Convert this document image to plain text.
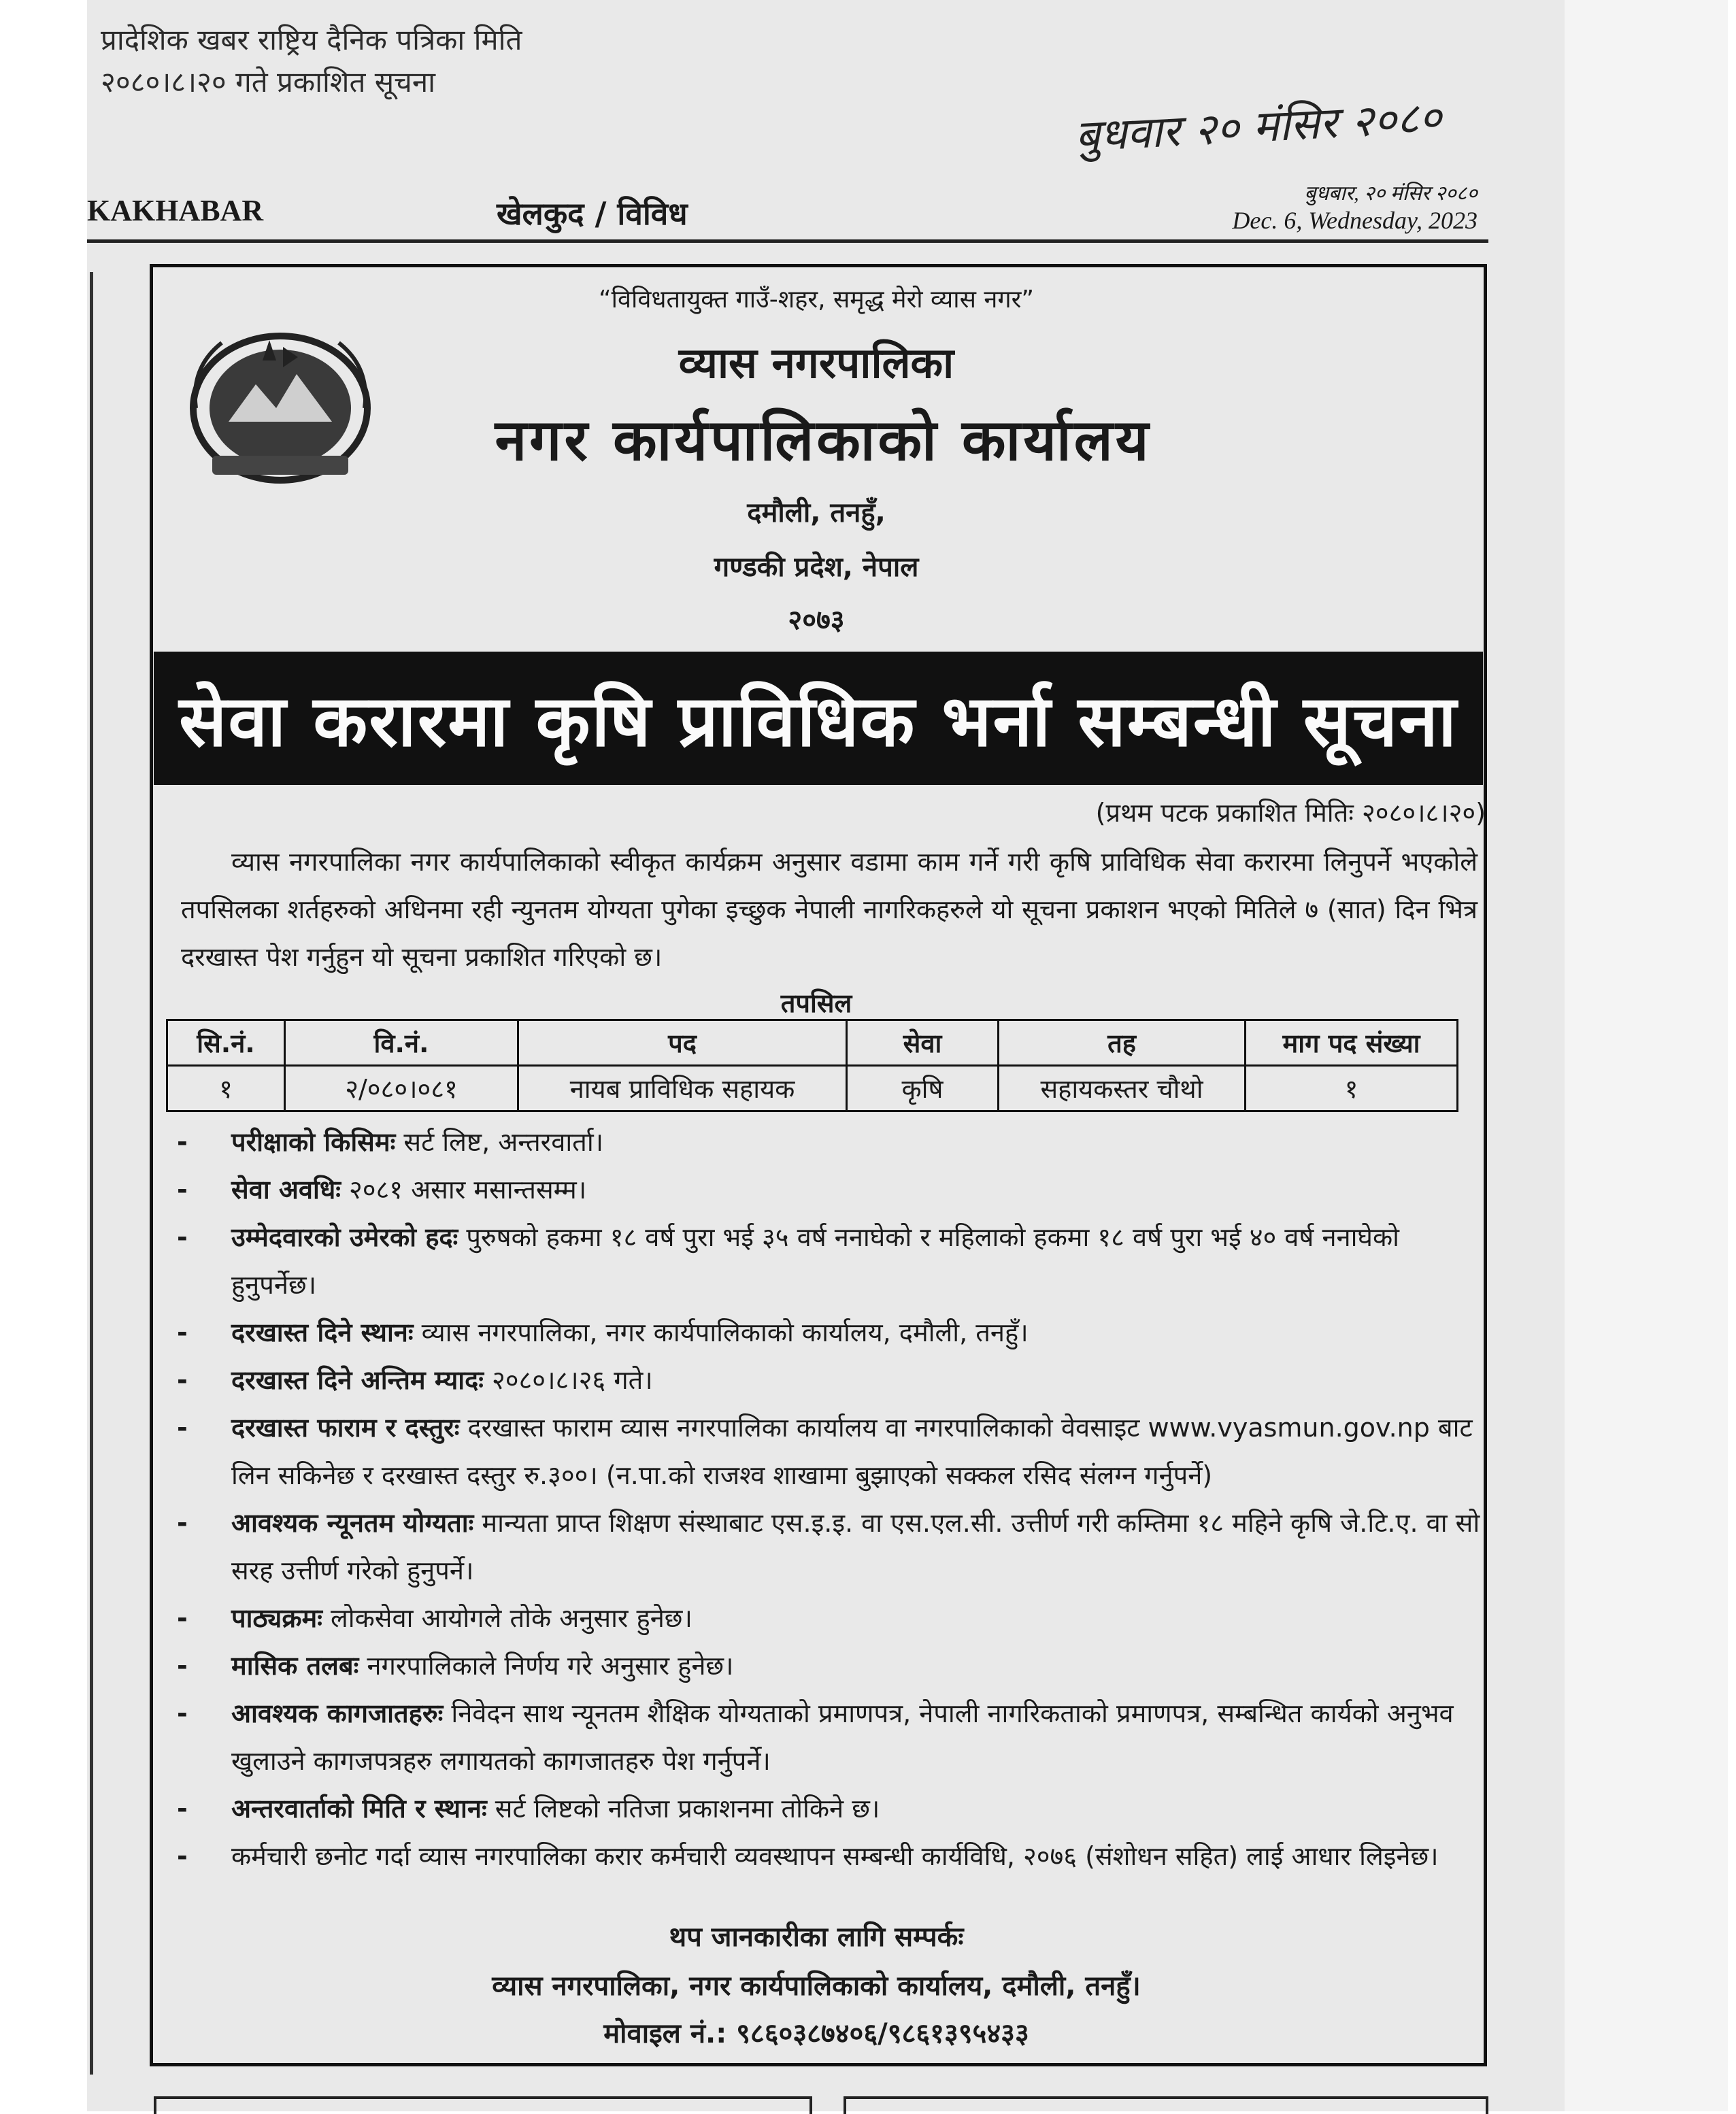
प्रादेशिक खबर राष्ट्रिय दैनिक पत्रिका मिति
२०८०।८।२० गते प्रकाशित सूचना
बुधवार २० मंसिर २०८०
KAKHABAR	खेलकुद / विविध
बुधबार, २० मंसिर २०८०
Dec. 6, Wednesday, 2023
“विविधतायुक्त गाउँ-शहर, समृद्ध मेरो व्यास नगर”
व्यास नगरपालिका
नगर कार्यपालिकाको कार्यालय
दमौली, तनहुँ,
गण्डकी प्रदेश, नेपाल
२०७३
सेवा करारमा कृषि प्राविधिक भर्ना सम्बन्धी सूचना
(प्रथम पटक प्रकाशित मितिः २०८०।८।२०)
व्यास नगरपालिका नगर कार्यपालिकाको स्वीकृत कार्यक्रम अनुसार वडामा काम गर्ने गरी कृषि प्राविधिक सेवा करारमा लिनुपर्ने भएकोले तपसिलका शर्तहरुको अधिनमा रही न्युनतम योग्यता पुगेका इच्छुक नेपाली नागरिकहरुले यो सूचना प्रकाशन भएको मितिले ७ (सात) दिन भित्र दरखास्त पेश गर्नुहुन यो सूचना प्रकाशित गरिएको छ।
तपसिल
सि.नं.	वि.नं.	पद	सेवा	तह	माग पद संख्या
१	२/०८०।०८१	नायब प्राविधिक सहायक	कृषि	सहायकस्तर चौथो	१
- परीक्षाको किसिमः सर्ट लिष्ट, अन्तरवार्ता।
- सेवा अवधिः २०८१ असार मसान्तसम्म।
- उम्मेदवारको उमेरको हदः पुरुषको हकमा १८ वर्ष पुरा भई ३५ वर्ष ननाघेको र महिलाको हकमा १८ वर्ष पुरा भई ४० वर्ष ननाघेको हुनुपर्नेछ।
- दरखास्त दिने स्थानः व्यास नगरपालिका, नगर कार्यपालिकाको कार्यालय, दमौली, तनहुँ।
- दरखास्त दिने अन्तिम म्यादः २०८०।८।२६ गते।
- दरखास्त फाराम र दस्तुरः दरखास्त फाराम व्यास नगरपालिका कार्यालय वा नगरपालिकाको वेवसाइट www.vyasmun.gov.np बाट लिन सकिनेछ र दरखास्त दस्तुर रु.३००। (न.पा.को राजश्व शाखामा बुझाएको सक्कल रसिद संलग्न गर्नुपर्ने)
- आवश्यक न्यूनतम योग्यताः मान्यता प्राप्त शिक्षण संस्थाबाट एस.इ.इ. वा एस.एल.सी. उत्तीर्ण गरी कम्तिमा १८ महिने कृषि जे.टि.ए. वा सो सरह उत्तीर्ण गरेको हुनुपर्ने।
- पाठ्यक्रमः लोकसेवा आयोगले तोके अनुसार हुनेछ।
- मासिक तलबः नगरपालिकाले निर्णय गरे अनुसार हुनेछ।
- आवश्यक कागजातहरुः निवेदन साथ न्यूनतम शैक्षिक योग्यताको प्रमाणपत्र, नेपाली नागरिकताको प्रमाणपत्र, सम्बन्धित कार्यको अनुभव खुलाउने कागजपत्रहरु लगायतको कागजातहरु पेश गर्नुपर्ने।
- अन्तरवार्ताको मिति र स्थानः सर्ट लिष्टको नतिजा प्रकाशनमा तोकिने छ।
- कर्मचारी छनोट गर्दा व्यास नगरपालिका करार कर्मचारी व्यवस्थापन सम्बन्धी कार्यविधि, २०७६ (संशोधन सहित) लाई आधार लिइनेछ।
थप जानकारीका लागि सम्पर्कः
व्यास नगरपालिका, नगर कार्यपालिकाको कार्यालय, दमौली, तनहुँ।
मोवाइल नं.: ९८६०३८७४०६/९८६१३९५४३३
